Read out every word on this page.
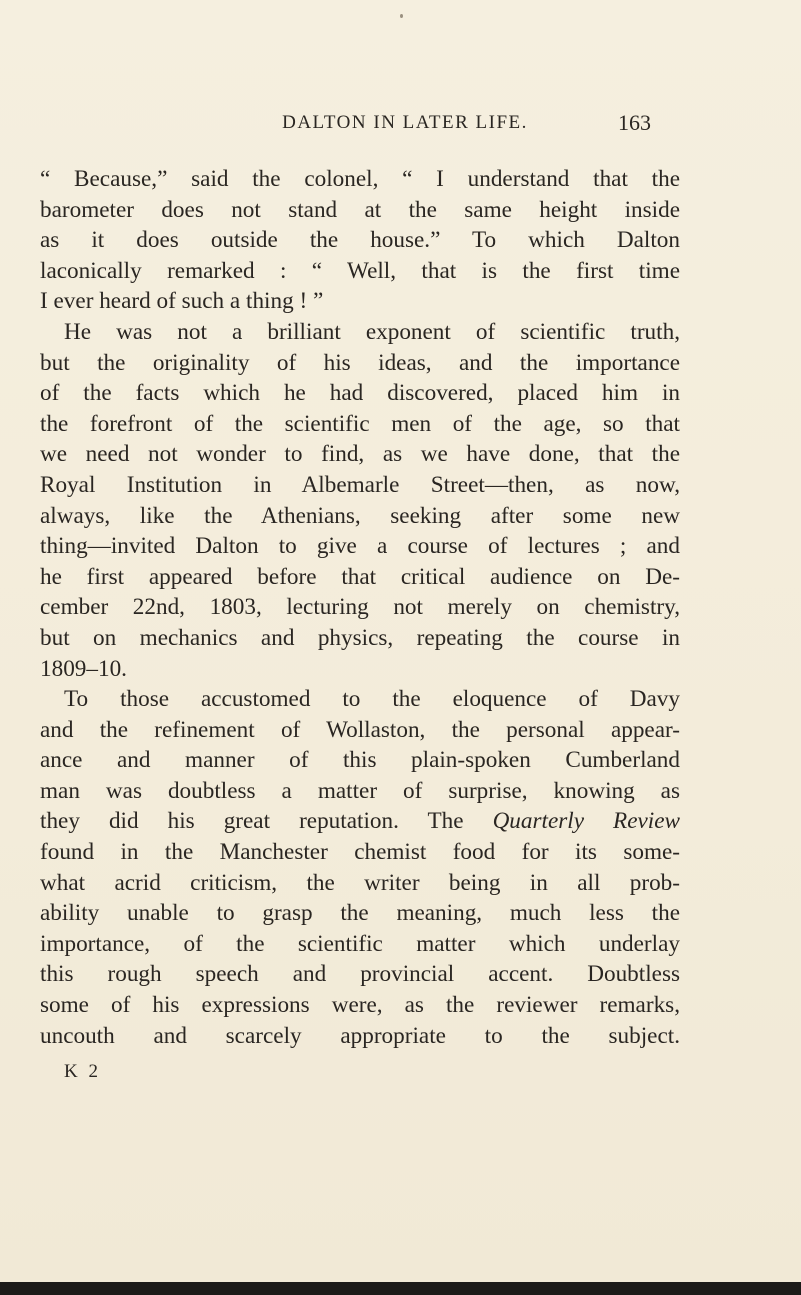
DALTON IN LATER LIFE.	163
“ Because,” said the colonel, “ I understand that the
barometer does not stand at the same height inside
as it does outside the house.” To which Dalton
laconically remarked : “ Well, that is the first time
I ever heard of such a thing ! ”
He was not a brilliant exponent of scientific truth,
but the originality of his ideas, and the importance
of the facts which he had discovered, placed him in
the forefront of the scientific men of the age, so that
we need not wonder to find, as we have done, that the
Royal Institution in Albemarle Street—then, as now,
always, like the Athenians, seeking after some new
thing—invited Dalton to give a course of lectures ; and
he first appeared before that critical audience on De-
cember 22nd, 1803, lecturing not merely on chemistry,
but on mechanics and physics, repeating the course in
1809–10.
To those accustomed to the eloquence of Davy
and the refinement of Wollaston, the personal appear-
ance and manner of this plain-spoken Cumberland
man was doubtless a matter of surprise, knowing as
they did his great reputation. The Quarterly Review
found in the Manchester chemist food for its some-
what acrid criticism, the writer being in all prob-
ability unable to grasp the meaning, much less the
importance, of the scientific matter which underlay
this rough speech and provincial accent. Doubtless
some of his expressions were, as the reviewer remarks,
uncouth and scarcely appropriate to the subject.
K 2
